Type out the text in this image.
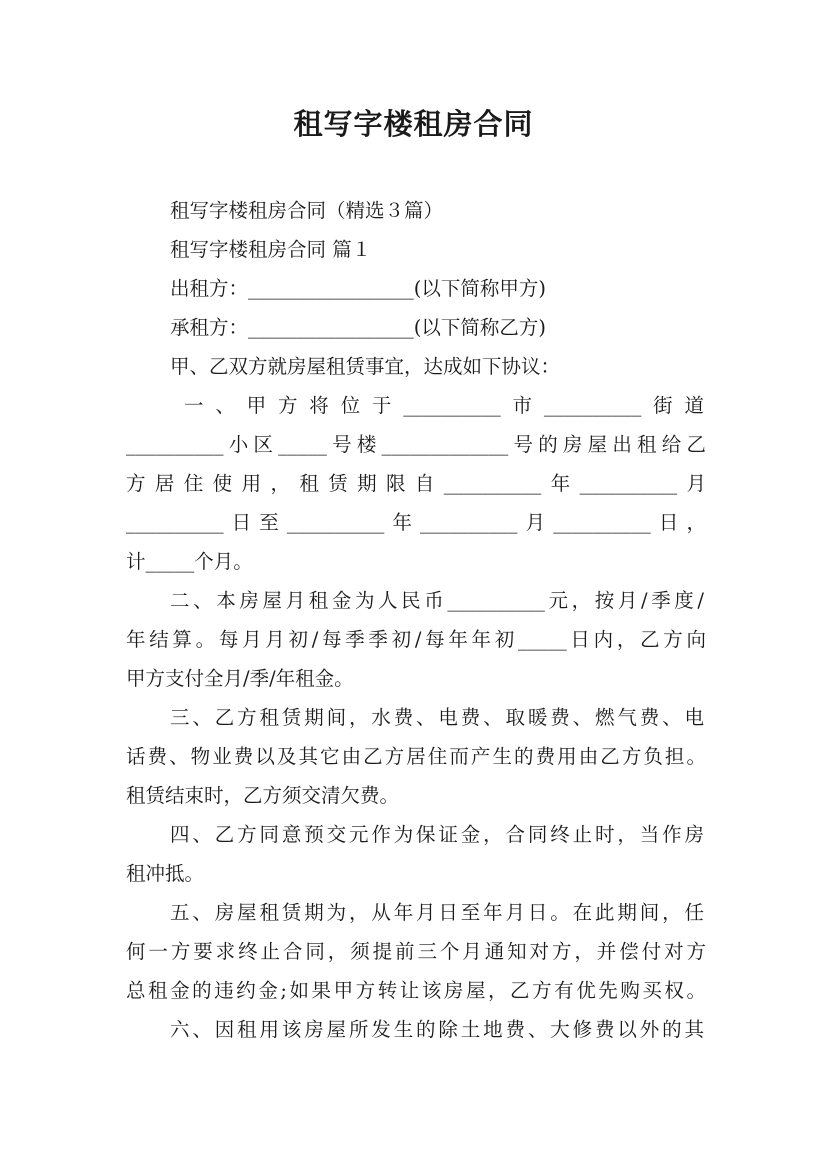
租写字楼租房合同
租写字楼租房合同（精选３篇）
租写字楼租房合同 篇１
出租方：_________________(以下简称甲方)
承租方：_________________(以下简称乙方)
甲、乙双方就房屋租赁事宜，达成如下协议：
一、甲方将位于__________市__________街道
__________小区_____号楼_____________号的房屋出租给乙
方居住使用，租赁期限自__________年__________月
__________日至__________年__________月__________日，
计_____个月。
二、本房屋月租金为人民币__________元，按月/季度/
年结算。每月月初/每季季初/每年年初_____日内，乙方向
甲方支付全月/季/年租金。
三、乙方租赁期间，水费、电费、取暖费、燃气费、电
话费、物业费以及其它由乙方居住而产生的费用由乙方负担。
租赁结束时，乙方须交清欠费。
四、乙方同意预交元作为保证金，合同终止时，当作房
租冲抵。
五、房屋租赁期为，从年月日至年月日。在此期间，任
何一方要求终止合同，须提前三个月通知对方，并偿付对方
总租金的违约金;如果甲方转让该房屋，乙方有优先购买权。
六、因租用该房屋所发生的除土地费、大修费以外的其
